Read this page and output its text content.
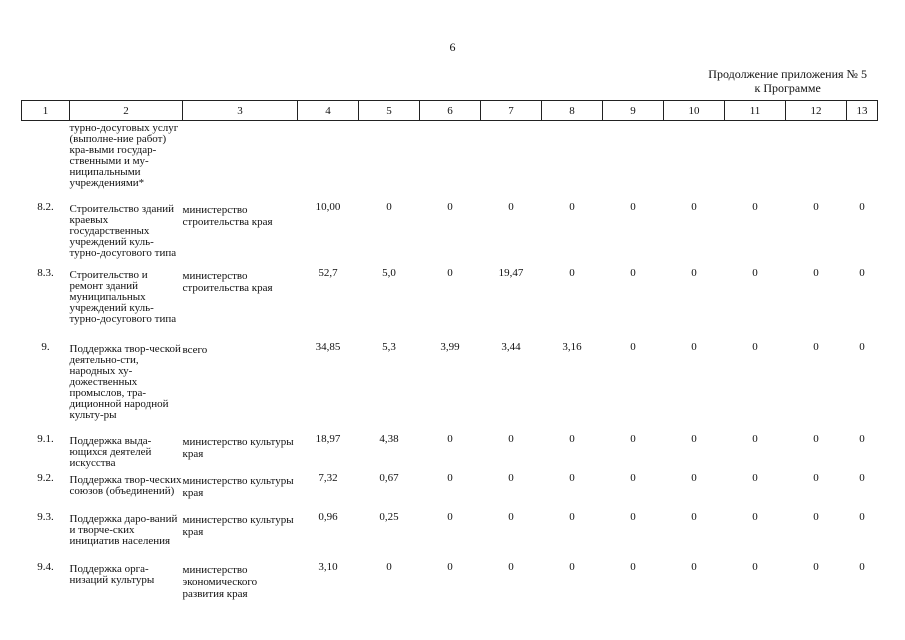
6
Продолжение приложения № 5
к Программе
1	2	3	4	5	6	7	8	9	10	11	12	13	
	турно-досуговых услуг (выполне-ние работ) кра-выми государ-ственными и му-ниципальными учреждениями*												
8.2.	Строительство зданий краевых государственных учреждений куль-турно-досугового типа	министерство строительства края	10,00	0	0	0	0	0	0	0	0	0	
8.3.	Строительство и ремонт зданий муниципальных учреждений куль-турно-досугового типа	министерство строительства края	52,7	5,0	0	19,47	0	0	0	0	0	0	
9.	Поддержка твор-ческой деятельно-сти, народных ху-дожественных промыслов, тра-диционной народной культу-ры	всего	34,85	5,3	3,99	3,44	3,16	0	0	0	0	0	
9.1.	Поддержка выда-ющихся деятелей искусства	министерство культуры края	18,97	4,38	0	0	0	0	0	0	0	0	
9.2.	Поддержка твор-ческих союзов (объединений)	министерство культуры края	7,32	0,67	0	0	0	0	0	0	0	0	
9.3.	Поддержка даро-ваний и творче-ских инициатив населения	министерство культуры края	0,96	0,25	0	0	0	0	0	0	0	0	
9.4.	Поддержка орга-низаций культуры	министерство экономического развития края	3,10	0	0	0	0	0	0	0	0	0	
